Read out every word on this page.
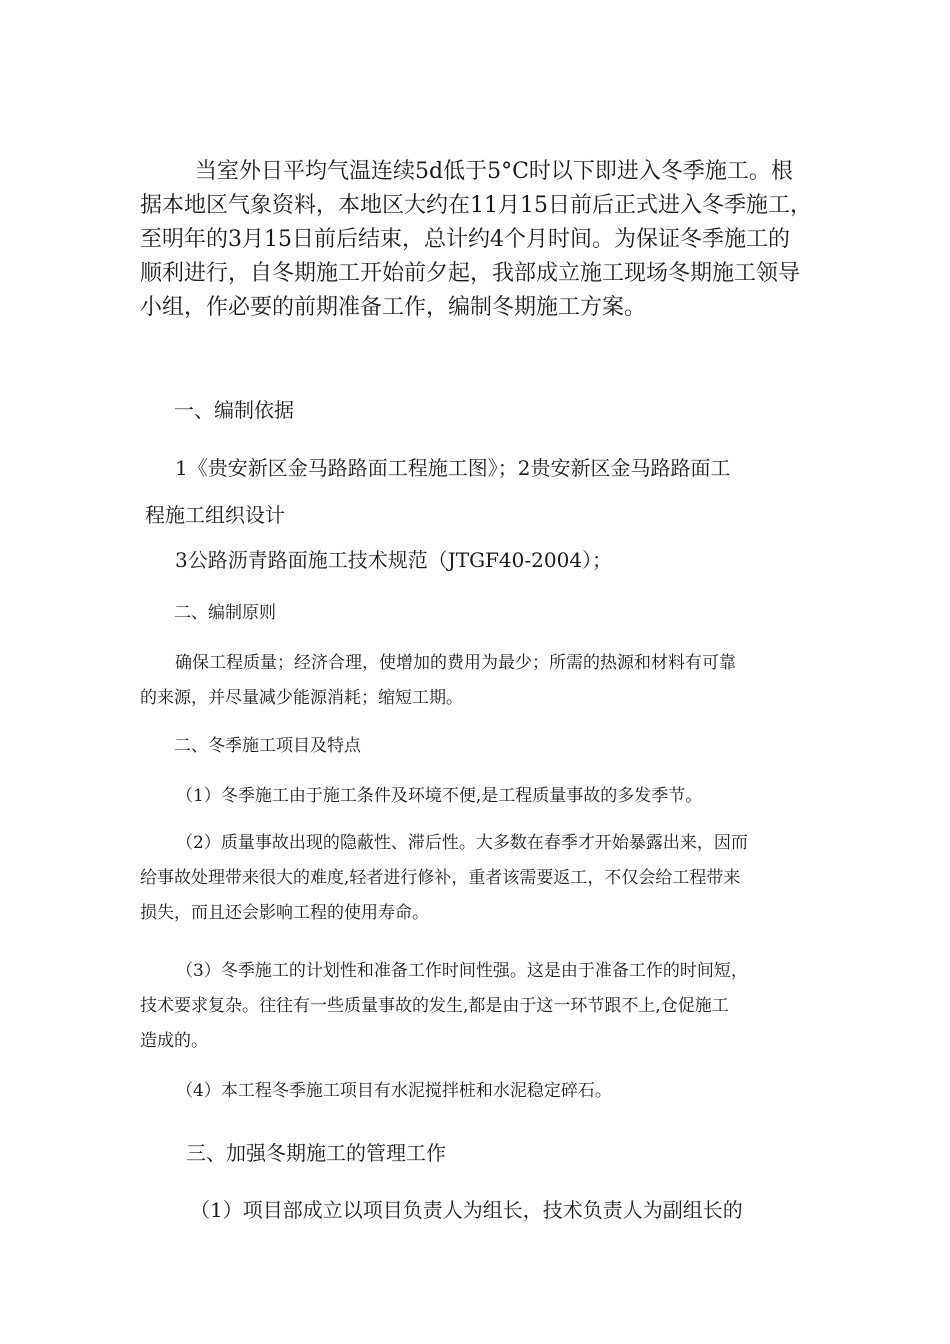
当室外日平均气温连续5d低于5°C时以下即进入冬季施工。根
据本地区气象资料，本地区大约在11月15日前后正式进入冬季施工，
至明年的3月15日前后结束，总计约4个月时间。为保证冬季施工的
顺利进行，自冬期施工开始前夕起，我部成立施工现场冬期施工领导
小组，作必要的前期准备工作，编制冬期施工方案。
一、编制依据
1《贵安新区金马路路面工程施工图》；2贵安新区金马路路面工
程施工组织设计
3公路沥青路面施工技术规范（JTGF40-2004）；
二、编制原则
确保工程质量；经济合理，使增加的费用为最少；所需的热源和材料有可靠
的来源，并尽量减少能源消耗；缩短工期。
二、冬季施工项目及特点
（1）冬季施工由于施工条件及环境不便,是工程质量事故的多发季节。
（2）质量事故出现的隐蔽性、滞后性。大多数在春季才开始暴露出来，因而
给事故处理带来很大的难度,轻者进行修补，重者该需要返工，不仅会给工程带来
损失，而且还会影响工程的使用寿命。
（3）冬季施工的计划性和准备工作时间性强。这是由于准备工作的时间短，
技术要求复杂。往往有一些质量事故的发生,都是由于这一环节跟不上,仓促施工
造成的。
（4）本工程冬季施工项目有水泥搅拌桩和水泥稳定碎石。
三、加强冬期施工的管理工作
（1）项目部成立以项目负责人为组长，技术负责人为副组长的
